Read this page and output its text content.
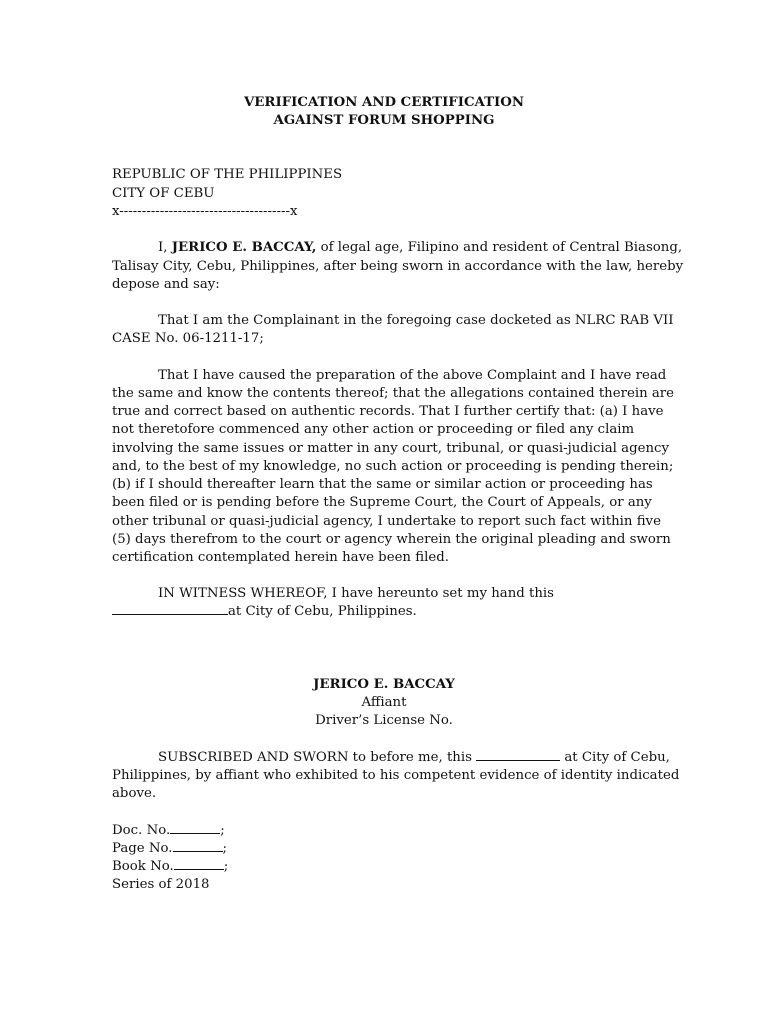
VERIFICATION AND CERTIFICATION
AGAINST FORUM SHOPPING
REPUBLIC OF THE PHILIPPINES
CITY OF CEBU
x--------------------------------------x
I, JERICO E. BACCAY, of legal age, Filipino and resident of Central Biasong,
Talisay City, Cebu, Philippines, after being sworn in accordance with the law, hereby
depose and say:
That I am the Complainant in the foregoing case docketed as NLRC RAB VII
CASE No. 06-1211-17;
That I have caused the preparation of the above Complaint and I have read
the same and know the contents thereof; that the allegations contained therein are
true and correct based on authentic records. That I further certify that: (a) I have
not theretofore commenced any other action or proceeding or filed any claim
involving the same issues or matter in any court, tribunal, or quasi-judicial agency
and, to the best of my knowledge, no such action or proceeding is pending therein;
(b) if I should thereafter learn that the same or similar action or proceeding has
been filed or is pending before the Supreme Court, the Court of Appeals, or any
other tribunal or quasi-judicial agency, I undertake to report such fact within five
(5) days therefrom to the court or agency wherein the original pleading and sworn
certification contemplated herein have been filed.
IN WITNESS WHEREOF, I have hereunto set my hand this
at City of Cebu, Philippines.
JERICO E. BACCAY
Affiant
Driver’s License No.
SUBSCRIBED AND SWORN to before me, this	at City of Cebu,
Philippines, by affiant who exhibited to his competent evidence of identity indicated
above.
Doc. No.	;
Page No.	;
Book No.	;
Series of 2018
